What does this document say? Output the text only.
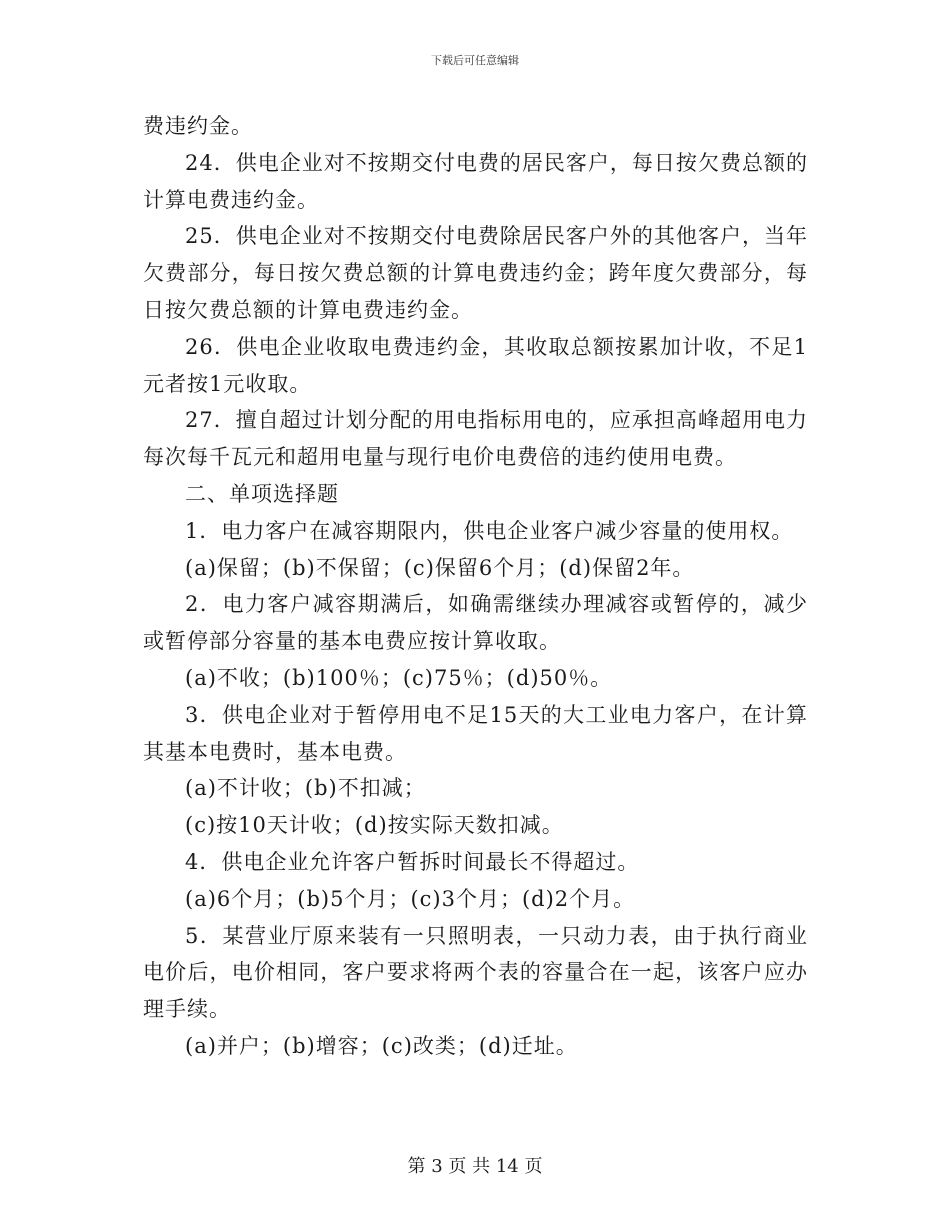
下载后可任意编辑

费违约金。

24．供电企业对不按期交付电费的居民客户，每日按欠费总额的计算电费违约金。

25．供电企业对不按期交付电费除居民客户外的其他客户，当年欠费部分，每日按欠费总额的计算电费违约金；跨年度欠费部分，每日按欠费总额的计算电费违约金。

26．供电企业收取电费违约金，其收取总额按累加计收，不足1元者按1元收取。

27．擅自超过计划分配的用电指标用电的，应承担高峰超用电力每次每千瓦元和超用电量与现行电价电费倍的违约使用电费。

二、单项选择题

1．电力客户在减容期限内，供电企业客户减少容量的使用权。

(a)保留；(b)不保留；(c)保留6个月；(d)保留2年。

2．电力客户减容期满后，如确需继续办理减容或暂停的，减少或暂停部分容量的基本电费应按计算收取。

(a)不收；(b)100％；(c)75％；(d)50％。

3．供电企业对于暂停用电不足15天的大工业电力客户，在计算其基本电费时，基本电费。

(a)不计收；(b)不扣减；

(c)按10天计收；(d)按实际天数扣减。

4．供电企业允许客户暂拆时间最长不得超过。

(a)6个月；(b)5个月；(c)3个月；(d)2个月。

5．某营业厅原来装有一只照明表，一只动力表，由于执行商业电价后，电价相同，客户要求将两个表的容量合在一起，该客户应办理手续。

(a)并户；(b)增容；(c)改类；(d)迁址。

第 3 页 共 14 页
